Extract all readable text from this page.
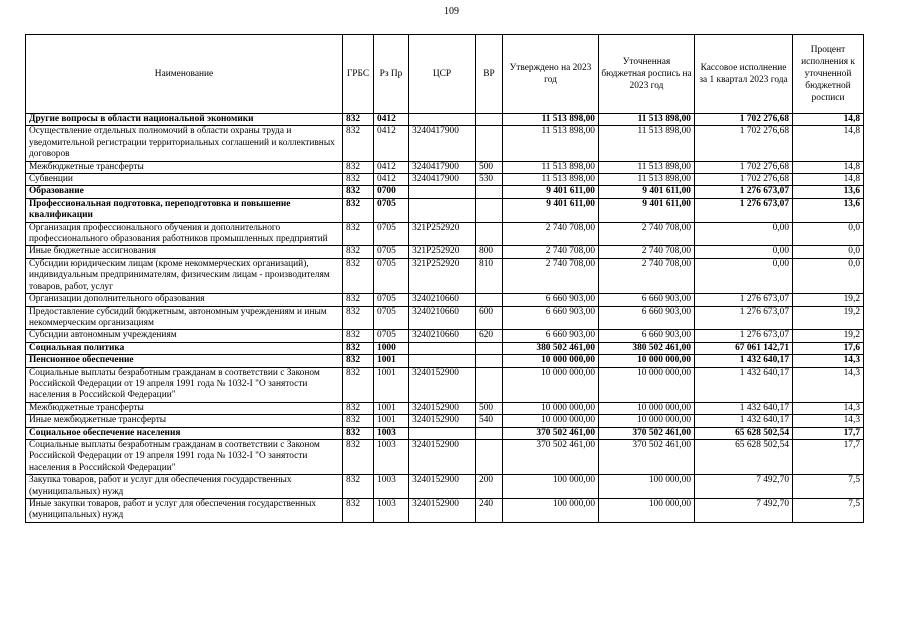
109
Наименование	ГРБС	Рз Пр	ЦСР	ВР	Утверждено на 2023 год	Уточненная бюджетная роспись на 2023 год	Кассовое исполнение за 1 квартал 2023 года	Процент исполнения к уточненной бюджетной росписи
Другие вопросы в области национальной экономики	832	0412			11 513 898,00	11 513 898,00	1 702 276,68	14,8
Осуществление отдельных полномочий в области охраны труда и уведомительной регистрации территориальных соглашений и коллективных договоров	832	0412	3240417900		11 513 898,00	11 513 898,00	1 702 276,68	14,8
Межбюджетные трансферты	832	0412	3240417900	500	11 513 898,00	11 513 898,00	1 702 276,68	14,8
Субвенции	832	0412	3240417900	530	11 513 898,00	11 513 898,00	1 702 276,68	14,8
Образование	832	0700			9 401 611,00	9 401 611,00	1 276 673,07	13,6
Профессиональная подготовка, переподготовка и повышение квалификации	832	0705			9 401 611,00	9 401 611,00	1 276 673,07	13,6
Организация профессионального обучения и дополнительного профессионального образования работников промышленных предприятий	832	0705	321P252920		2 740 708,00	2 740 708,00	0,00	0,0
Иные бюджетные ассигнования	832	0705	321P252920	800	2 740 708,00	2 740 708,00	0,00	0,0
Субсидии юридическим лицам (кроме некоммерческих организаций), индивидуальным предпринимателям, физическим лицам - производителям товаров, работ, услуг	832	0705	321P252920	810	2 740 708,00	2 740 708,00	0,00	0,0
Организации дополнительного образования	832	0705	3240210660		6 660 903,00	6 660 903,00	1 276 673,07	19,2
Предоставление субсидий бюджетным, автономным учреждениям и иным некоммерческим организациям	832	0705	3240210660	600	6 660 903,00	6 660 903,00	1 276 673,07	19,2
Субсидии автономным учреждениям	832	0705	3240210660	620	6 660 903,00	6 660 903,00	1 276 673,07	19,2
Социальная политика	832	1000			380 502 461,00	380 502 461,00	67 061 142,71	17,6
Пенсионное обеспечение	832	1001			10 000 000,00	10 000 000,00	1 432 640,17	14,3
Социальные выплаты безработным гражданам в соответствии с Законом Российской Федерации от 19 апреля 1991 года № 1032-I "О занятости населения в Российской Федерации"	832	1001	3240152900		10 000 000,00	10 000 000,00	1 432 640,17	14,3
Межбюджетные трансферты	832	1001	3240152900	500	10 000 000,00	10 000 000,00	1 432 640,17	14,3
Иные межбюджетные трансферты	832	1001	3240152900	540	10 000 000,00	10 000 000,00	1 432 640,17	14,3
Социальное обеспечение населения	832	1003			370 502 461,00	370 502 461,00	65 628 502,54	17,7
Социальные выплаты безработным гражданам в соответствии с Законом Российской Федерации от 19 апреля 1991 года № 1032-I "О занятости населения в Российской Федерации"	832	1003	3240152900		370 502 461,00	370 502 461,00	65 628 502,54	17,7
Закупка товаров, работ и услуг для обеспечения государственных (муниципальных) нужд	832	1003	3240152900	200	100 000,00	100 000,00	7 492,70	7,5
Иные закупки товаров, работ и услуг для обеспечения государственных (муниципальных) нужд	832	1003	3240152900	240	100 000,00	100 000,00	7 492,70	7,5
